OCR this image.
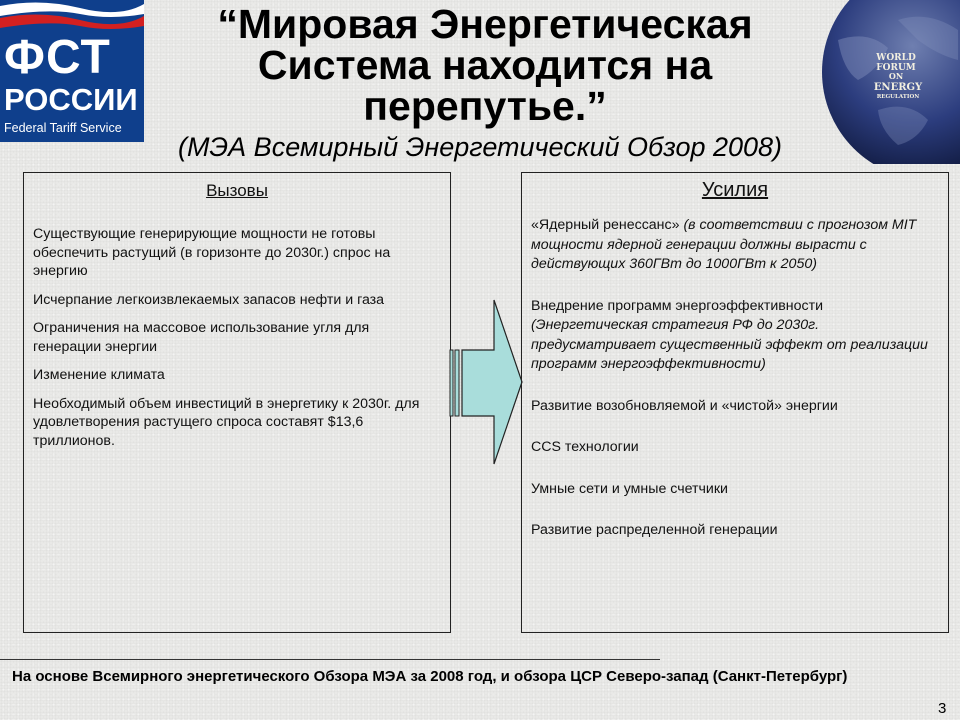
ФСТ
РОССИИ
Federal Tariff Service
WORLD
FORUM
ON
ENERGY
REGULATION
“Мировая Энергетическая Система находится на перепутье.”
(МЭА Всемирный Энергетический Обзор 2008)
Вызовы
Существующие генерирующие мощности не готовы обеспечить растущий (в горизонте до 2030г.) спрос на энергию
Исчерпание легкоизвлекаемых запасов нефти и газа
Ограничения на массовое использование угля для генерации энергии
Изменение климата
Необходимый объем инвестиций в энергетику к 2030г. для удовлетворения растущего спроса составят $13,6 триллионов.
Усилия
«Ядерный ренессанс» (в соответствии с прогнозом MIT мощности ядерной генерации должны вырасти с действующих 360ГВт до 1000ГВт к 2050)
Внедрение программ энергоэффективности (Энергетическая стратегия РФ до 2030г. предусматривает существенный эффект от реализации программ энергоэффективности)
Развитие возобновляемой и «чистой» энергии
CCS технологии
Умные сети и умные счетчики
Развитие распределенной генерации
На основе Всемирного энергетического Обзора МЭА за 2008 год, и обзора ЦСР Северо-запад (Санкт-Петербург)
3
